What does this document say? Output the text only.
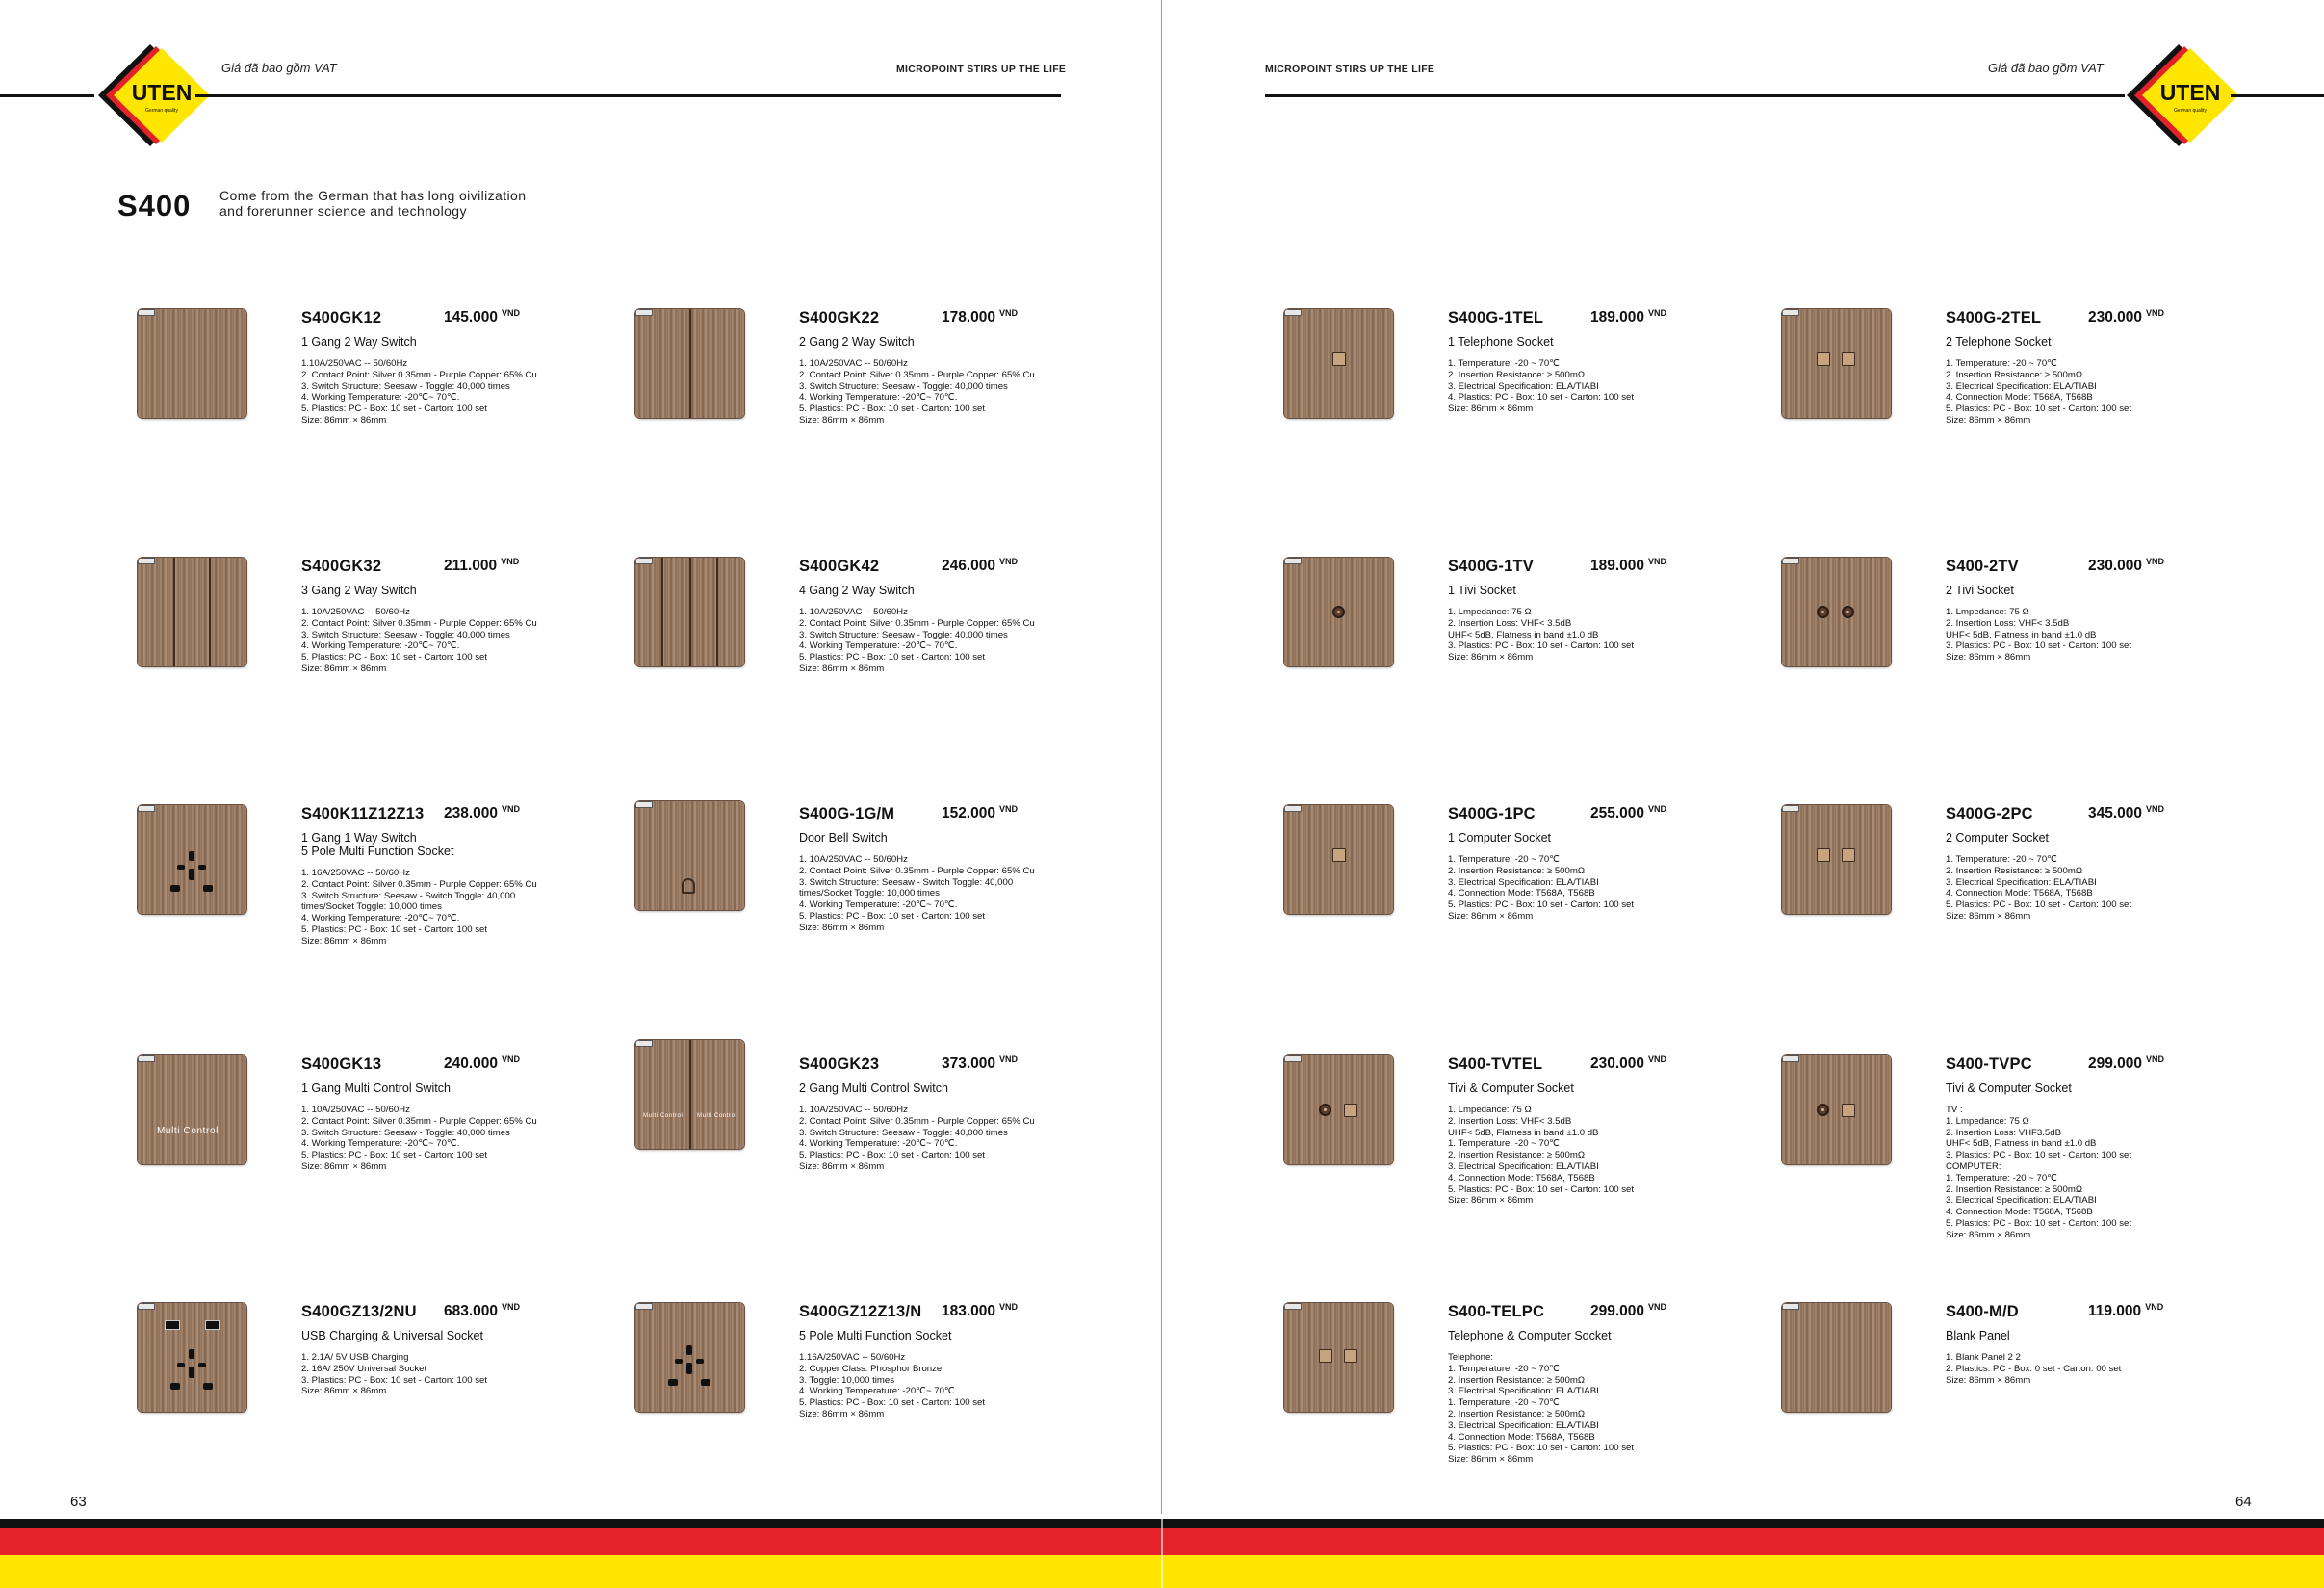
UTEN
German quality
Giá đã bao gồm VAT	MICROPOINT STIRS UP THE LIFE
S400 Come from the German that has long oivilization
and forerunner science and technology
63
UTEN
German quality
Giá đã bao gồm VAT
MICROPOINT STIRS UP THE LIFE
64
S400GK12	145.000 $^{VND}$
1 Gang 2 Way Switch
1.10A/250VAC -- 50/60Hz
2. Contact Point: Silver 0.35mm - Purple Copper: 65% Cu
3. Switch Structure: Seesaw - Toggle: 40,000 times
4. Working Temperature: -20℃~ 70℃.
5. Plastics: PC - Box: 10 set - Carton: 100 set
Size: 86mm × 86mm
S400GK22	178.000 $^{VND}$
2 Gang 2 Way Switch
1. 10A/250VAC -- 50/60Hz
2. Contact Point: Silver 0.35mm - Purple Copper: 65% Cu
3. Switch Structure: Seesaw - Toggle: 40,000 times
4. Working Temperature: -20℃~ 70℃.
5. Plastics: PC - Box: 10 set - Carton: 100 set
Size: 86mm × 86mm
S400GK32	211.000 $^{VND}$
3 Gang 2 Way Switch
1. 10A/250VAC -- 50/60Hz
2. Contact Point: Silver 0.35mm - Purple Copper: 65% Cu
3. Switch Structure: Seesaw - Toggle: 40,000 times
4. Working Temperature: -20℃~ 70℃.
5. Plastics: PC - Box: 10 set - Carton: 100 set
Size: 86mm × 86mm
S400GK42	246.000 $^{VND}$
4 Gang 2 Way Switch
1. 10A/250VAC -- 50/60Hz
2. Contact Point: Silver 0.35mm - Purple Copper: 65% Cu
3. Switch Structure: Seesaw - Toggle: 40,000 times
4. Working Temperature: -20℃~ 70℃.
5. Plastics: PC - Box: 10 set - Carton: 100 set
Size: 86mm × 86mm
S400K11Z12Z13 238.000 $^{VND}$
1 Gang 1 Way Switch
5 Pole Multi Function Socket
1. 16A/250VAC -- 50/60Hz
2. Contact Point: Silver 0.35mm - Purple Copper: 65% Cu
3. Switch Structure: Seesaw - Switch Toggle: 40,000
times/Socket Toggle: 10,000 times
4. Working Temperature: -20℃~ 70℃.
5. Plastics: PC - Box: 10 set - Carton: 100 set
Size: 86mm × 86mm
S400G-1G/M	152.000 $^{VND}$
Door Bell Switch
1. 10A/250VAC -- 50/60Hz
2. Contact Point: Silver 0.35mm - Purple Copper: 65% Cu
3. Switch Structure: Seesaw - Switch Toggle: 40,000
times/Socket Toggle: 10,000 times
4. Working Temperature: -20℃~ 70℃.
5. Plastics: PC - Box: 10 set - Carton: 100 set
Size: 86mm × 86mm
Multi Control
S400GK13	240.000 $^{VND}$
1 Gang Multi Control Switch
1. 10A/250VAC -- 50/60Hz
2. Contact Point: Silver 0.35mm - Purple Copper: 65% Cu
3. Switch Structure: Seesaw - Toggle: 40,000 times
4. Working Temperature: -20℃~ 70℃.
5. Plastics: PC - Box: 10 set - Carton: 100 set
Size: 86mm × 86mm
Multi Control Multi Control
S400GK23	373.000 $^{VND}$
2 Gang Multi Control Switch
1. 10A/250VAC -- 50/60Hz
2. Contact Point: Silver 0.35mm - Purple Copper: 65% Cu
3. Switch Structure: Seesaw - Toggle: 40,000 times
4. Working Temperature: -20℃~ 70℃.
5. Plastics: PC - Box: 10 set - Carton: 100 set
Size: 86mm × 86mm
S400GZ13/2NU 683.000 $^{VND}$
USB Charging & Universal Socket
1. 2.1A/ 5V USB Charging
2. 16A/ 250V Universal Socket
3. Plastics: PC - Box: 10 set - Carton: 100 set
Size: 86mm × 86mm
S400GZ12Z13/N 183.000 $^{VND}$
5 Pole Multi Function Socket
1.16A/250VAC -- 50/60Hz
2. Copper Class: Phosphor Bronze
3. Toggle: 10,000 times
4. Working Temperature: -20℃~ 70℃.
5. Plastics: PC - Box: 10 set - Carton: 100 set
Size: 86mm × 86mm
S400G-1TEL	189.000 $^{VND}$
1 Telephone Socket
1. Temperature: -20 ~ 70℃
2. Insertion Resistance: ≥ 500mΩ
3. Electrical Specification: ELA/TIABI
4. Plastics: PC - Box: 10 set - Carton: 100 set
Size: 86mm × 86mm
S400G-2TEL	230.000 $^{VND}$
2 Telephone Socket
1. Temperature: -20 ~ 70℃
2. Insertion Resistance: ≥ 500mΩ
3. Electrical Specification: ELA/TIABI
4. Connection Mode: T568A, T568B
5. Plastics: PC - Box: 10 set - Carton: 100 set
Size: 86mm × 86mm
S400G-1TV	189.000 $^{VND}$
1 Tivi Socket
1. Lmpedance: 75 Ω
2. Insertion Loss: VHF< 3.5dB
UHF< 5dB, Flatness in band ±1.0 dB
3. Plastics: PC - Box: 10 set - Carton: 100 set
Size: 86mm × 86mm
S400-2TV	230.000 $^{VND}$
2 Tivi Socket
1. Lmpedance: 75 Ω
2. Insertion Loss: VHF< 3.5dB
UHF< 5dB, Flatness in band ±1.0 dB
3. Plastics: PC - Box: 10 set - Carton: 100 set
Size: 86mm × 86mm
S400G-1PC	255.000 $^{VND}$
1 Computer Socket
1. Temperature: -20 ~ 70℃
2. Insertion Resistance: ≥ 500mΩ
3. Electrical Specification: ELA/TIABI
4. Connection Mode: T568A, T568B
5. Plastics: PC - Box: 10 set - Carton: 100 set
Size: 86mm × 86mm
S400G-2PC	345.000 $^{VND}$
2 Computer Socket
1. Temperature: -20 ~ 70℃
2. Insertion Resistance: ≥ 500mΩ
3. Electrical Specification: ELA/TIABI
4. Connection Mode: T568A, T568B
5. Plastics: PC - Box: 10 set - Carton: 100 set
Size: 86mm × 86mm
S400-TVTEL	230.000 $^{VND}$
Tivi & Computer Socket
1. Lmpedance: 75 Ω
2. Insertion Loss: VHF< 3.5dB
UHF< 5dB, Flatness in band ±1.0 dB
1. Temperature: -20 ~ 70℃
2. Insertion Resistance: ≥ 500mΩ
3. Electrical Specification: ELA/TIABI
4. Connection Mode: T568A, T568B
5. Plastics: PC - Box: 10 set - Carton: 100 set
Size: 86mm × 86mm
S400-TVPC	299.000 $^{VND}$
Tivi & Computer Socket
TV :
1. Lmpedance: 75 Ω
2. Insertion Loss: VHF3.5dB
UHF< 5dB, Flatness in band ±1.0 dB
3. Plastics: PC - Box: 10 set - Carton: 100 set
COMPUTER:
1. Temperature: -20 ~ 70℃
2. Insertion Resistance: ≥ 500mΩ
3. Electrical Specification: ELA/TIABI
4. Connection Mode: T568A, T568B
5. Plastics: PC - Box: 10 set - Carton: 100 set
Size: 86mm × 86mm
S400-TELPC	299.000 $^{VND}$
Telephone & Computer Socket
Telephone:
1. Temperature: -20 ~ 70℃
2. Insertion Resistance: ≥ 500mΩ
3. Electrical Specification: ELA/TIABI
1. Temperature: -20 ~ 70℃
2. Insertion Resistance: ≥ 500mΩ
3. Electrical Specification: ELA/TIABI
4. Connection Mode: T568A, T568B
5. Plastics: PC - Box: 10 set - Carton: 100 set
Size: 86mm × 86mm
S400-M/D	119.000 $^{VND}$
Blank Panel
1. Blank Panel 2 2
2. Plastics: PC - Box: 0 set - Carton: 00 set
Size: 86mm × 86mm
